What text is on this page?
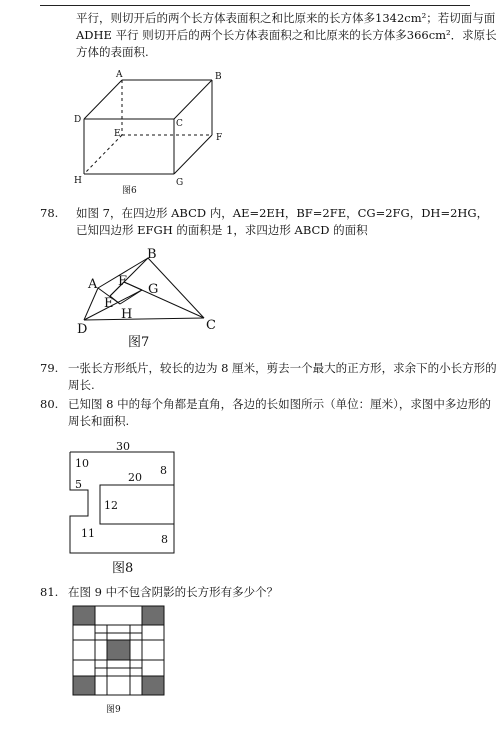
平行，则切开后的两个长方体表面积之和比原来的长方体多1342cm²；若切面与面
ADHE 平行 则切开后的两个长方体表面积之和比原来的长方体多366cm²．求原长
方体的表面积.
A	B
C
D
E	F
G
H
图6
78. 如图 7，在四边形 ABCD 内，AE=2EH，BF=2FE，CG=2FG，DH=2HG，
已知四边形 EFGH 的面积是 1，求四边形 ABCD 的面积
A
B
C
D
E
F
G
H
图7
79. 一张长方形纸片，较长的边为 8 厘米，剪去一个最大的正方形，求余下的小长方形的
周长.
80. 已知图 8 中的每个角都是直角，各边的长如图所示（单位：厘米），求图中多边形的
周长和面积.
30
10
20
8
5
12
11	8
图8
81. 在图 9 中不包含阴影的长方形有多少个？
图9
